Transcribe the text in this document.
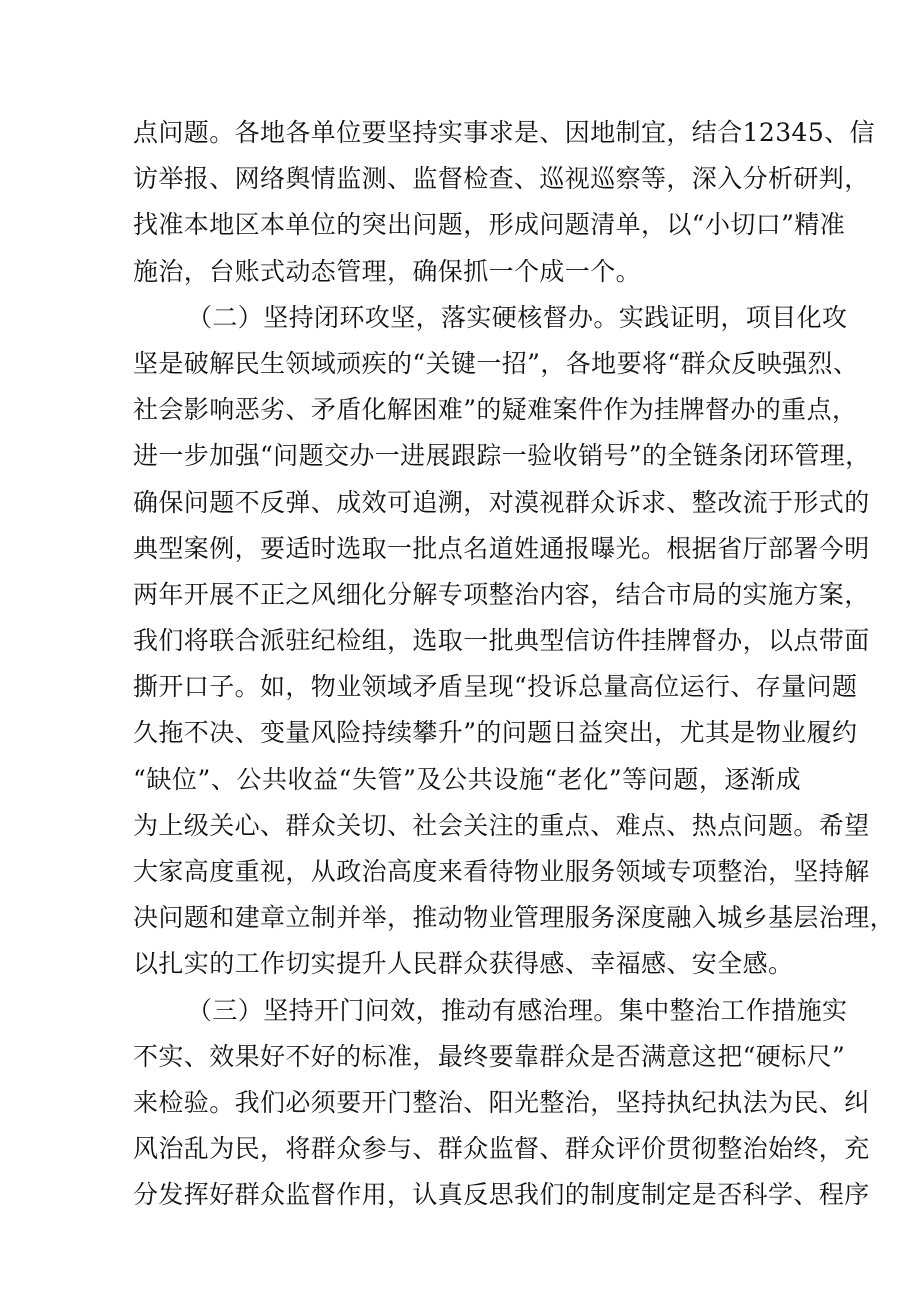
点问题。各地各单位要坚持实事求是、因地制宜，结合12345、信
访举报、网络舆情监测、监督检查、巡视巡察等，深入分析研判，
找准本地区本单位的突出问题，形成问题清单，以“小切口”精准
施治，台账式动态管理，确保抓一个成一个。
（二）坚持闭环攻坚，落实硬核督办。实践证明，项目化攻
坚是破解民生领域顽疾的“关键一招”，各地要将“群众反映强烈、
社会影响恶劣、矛盾化解困难”的疑难案件作为挂牌督办的重点，
进一步加强“问题交办一进展跟踪一验收销号”的全链条闭环管理，
确保问题不反弹、成效可追溯，对漠视群众诉求、整改流于形式的
典型案例，要适时选取一批点名道姓通报曝光。根据省厅部署今明
两年开展不正之风细化分解专项整治内容，结合市局的实施方案，
我们将联合派驻纪检组，选取一批典型信访件挂牌督办，以点带面
撕开口子。如，物业领域矛盾呈现“投诉总量高位运行、存量问题
久拖不决、变量风险持续攀升”的问题日益突出，尤其是物业履约
“缺位”、公共收益“失管”及公共设施“老化”等问题，逐渐成
为上级关心、群众关切、社会关注的重点、难点、热点问题。希望
大家高度重视，从政治高度来看待物业服务领域专项整治，坚持解
决问题和建章立制并举，推动物业管理服务深度融入城乡基层治理，
以扎实的工作切实提升人民群众获得感、幸福感、安全感。
（三）坚持开门问效，推动有感治理。集中整治工作措施实
不实、效果好不好的标准，最终要靠群众是否满意这把“硬标尺”
来检验。我们必须要开门整治、阳光整治，坚持执纪执法为民、纠
风治乱为民，将群众参与、群众监督、群众评价贯彻整治始终，充
分发挥好群众监督作用，认真反思我们的制度制定是否科学、程序
